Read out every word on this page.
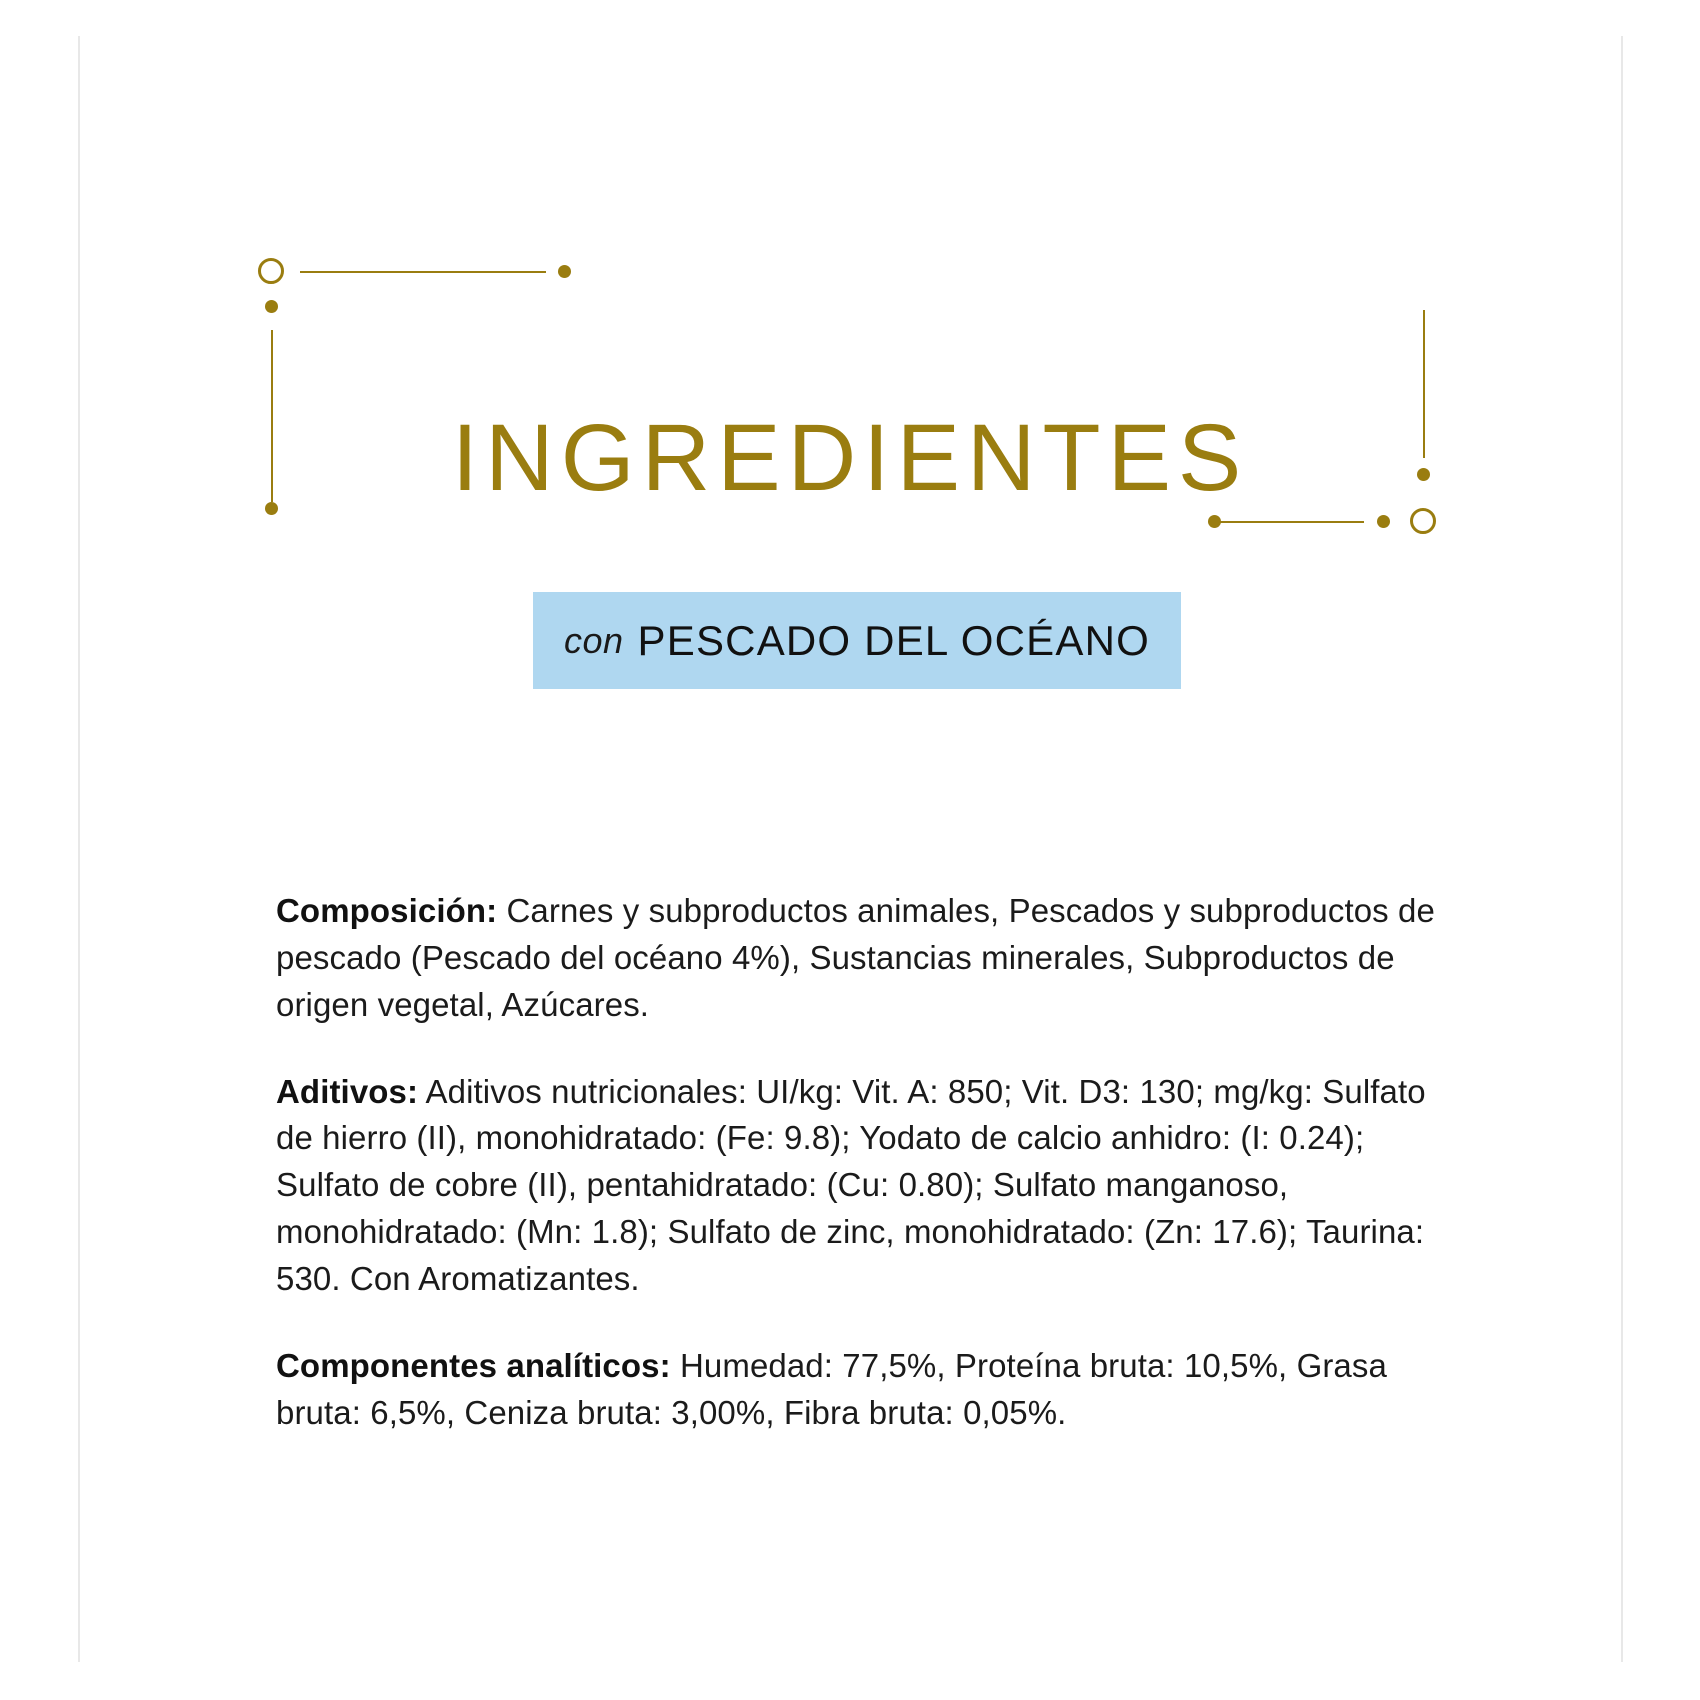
INGREDIENTES
con PESCADO DEL OCÉANO

Composición: Carnes y subproductos animales, Pescados y subproductos de pescado (Pescado del océano 4%), Sustancias minerales, Subproductos de origen vegetal, Azúcares.

Aditivos: Aditivos nutricionales: UI/kg: Vit. A: 850; Vit. D3: 130; mg/kg: Sulfato de hierro (II), monohidratado: (Fe: 9.8); Yodato de calcio anhidro: (I: 0.24); Sulfato de cobre (II), pentahidratado: (Cu: 0.80); Sulfato manganoso, monohidratado: (Mn: 1.8); Sulfato de zinc, monohidratado: (Zn: 17.6); Taurina: 530. Con Aromatizantes.

Componentes analíticos: Humedad: 77,5%, Proteína bruta: 10,5%, Grasa bruta: 6,5%, Ceniza bruta: 3,00%, Fibra bruta: 0,05%.
